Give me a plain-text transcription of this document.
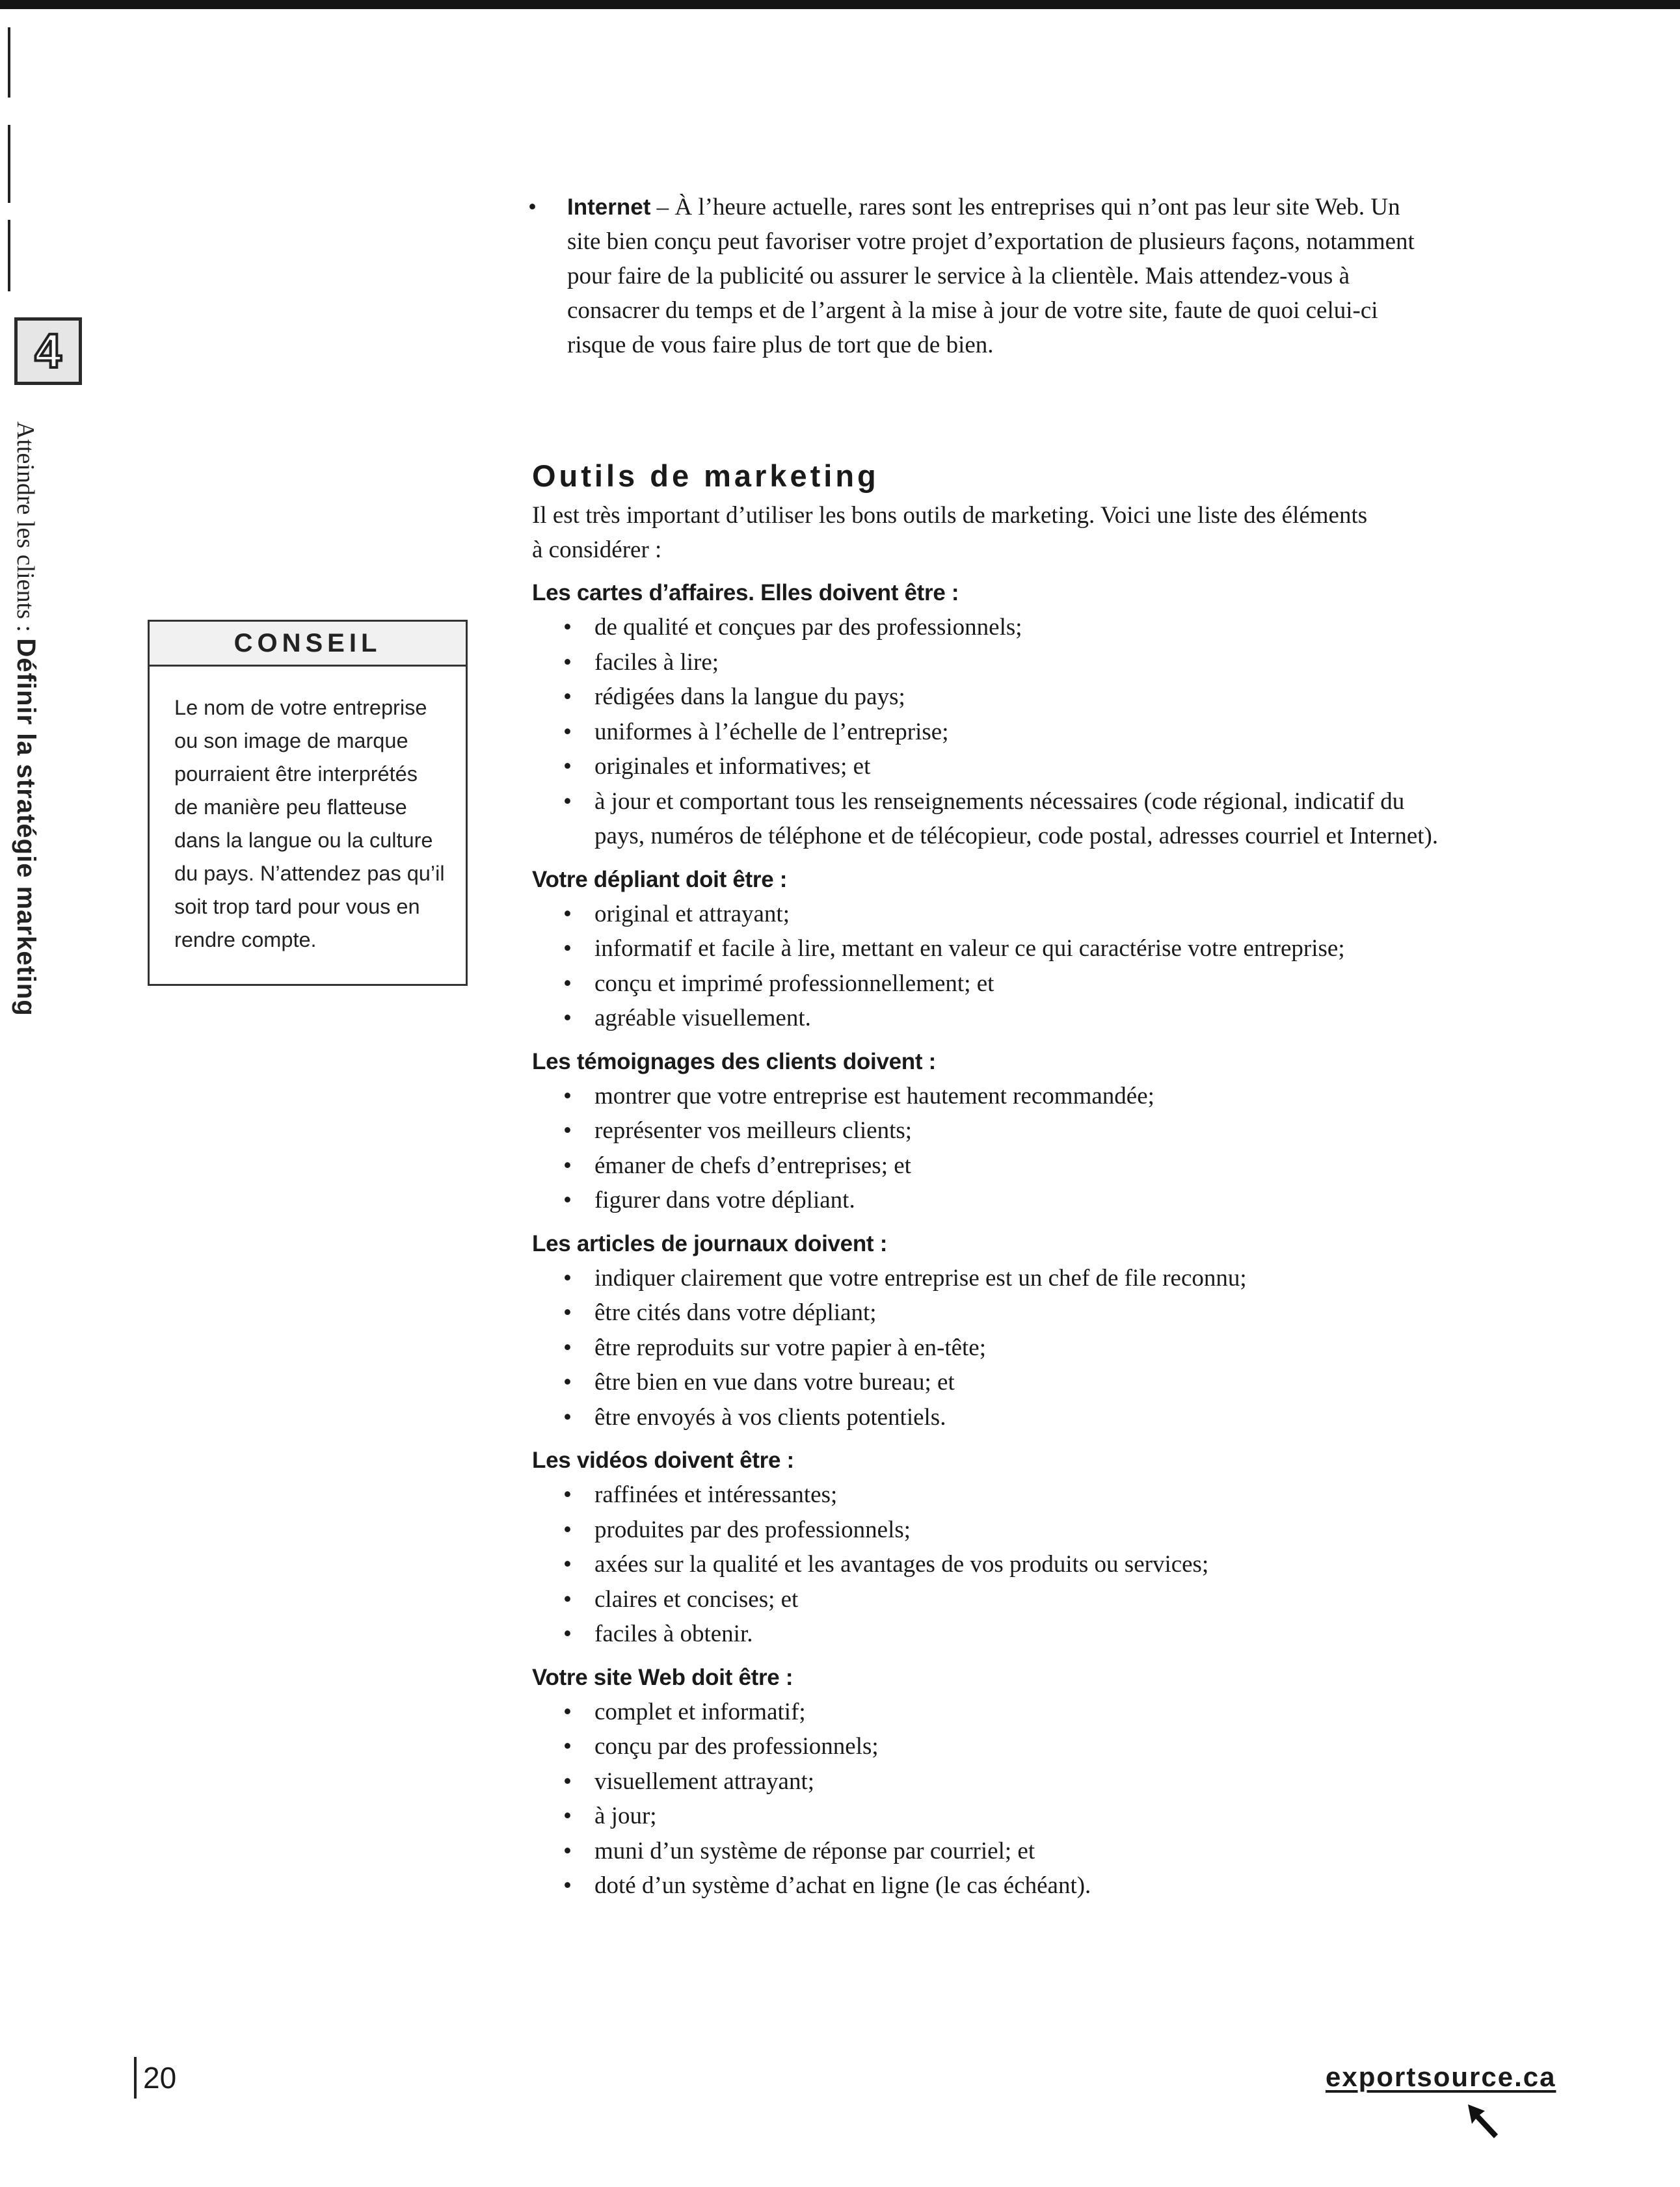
4
Atteindre les clients : Définir la stratégie marketing	CONSEIL
Le nom de votre entreprise
ou son image de marque
pourraient être interprétés
de manière peu flatteuse
dans la langue ou la culture
du pays. N’attendez pas qu’il
soit trop tard pour vous en
rendre compte.
•	Internet – À l’heure actuelle, rares sont les entreprises qui n’ont pas leur site Web. Un
site bien conçu peut favoriser votre projet d’exportation de plusieurs façons, notamment
pour faire de la publicité ou assurer le service à la clientèle. Mais attendez-vous à
consacrer du temps et de l’argent à la mise à jour de votre site, faute de quoi celui-ci
risque de vous faire plus de tort que de bien.
Outils de marketing
Il est très important d’utiliser les bons outils de marketing. Voici une liste des éléments
à considérer :
Les cartes d’affaires. Elles doivent être :
• de qualité et conçues par des professionnels;
• faciles à lire;
• rédigées dans la langue du pays;
• uniformes à l’échelle de l’entreprise;
• originales et informatives; et
• à jour et comportant tous les renseignements nécessaires (code régional, indicatif du
pays, numéros de téléphone et de télécopieur, code postal, adresses courriel et Internet).
Votre dépliant doit être :
• original et attrayant;
• informatif et facile à lire, mettant en valeur ce qui caractérise votre entreprise;
• conçu et imprimé professionnellement; et
• agréable visuellement.
Les témoignages des clients doivent :
• montrer que votre entreprise est hautement recommandée;
• représenter vos meilleurs clients;
• émaner de chefs d’entreprises; et
• figurer dans votre dépliant.
Les articles de journaux doivent :
• indiquer clairement que votre entreprise est un chef de file reconnu;
• être cités dans votre dépliant;
• être reproduits sur votre papier à en-tête;
• être bien en vue dans votre bureau; et
• être envoyés à vos clients potentiels.
Les vidéos doivent être :
• raffinées et intéressantes;
• produites par des professionnels;
• axées sur la qualité et les avantages de vos produits ou services;
• claires et concises; et
• faciles à obtenir.
Votre site Web doit être :
• complet et informatif;
• conçu par des professionnels;
• visuellement attrayant;
• à jour;
• muni d’un système de réponse par courriel; et
• doté d’un système d’achat en ligne (le cas échéant).
20	exportsource.ca
